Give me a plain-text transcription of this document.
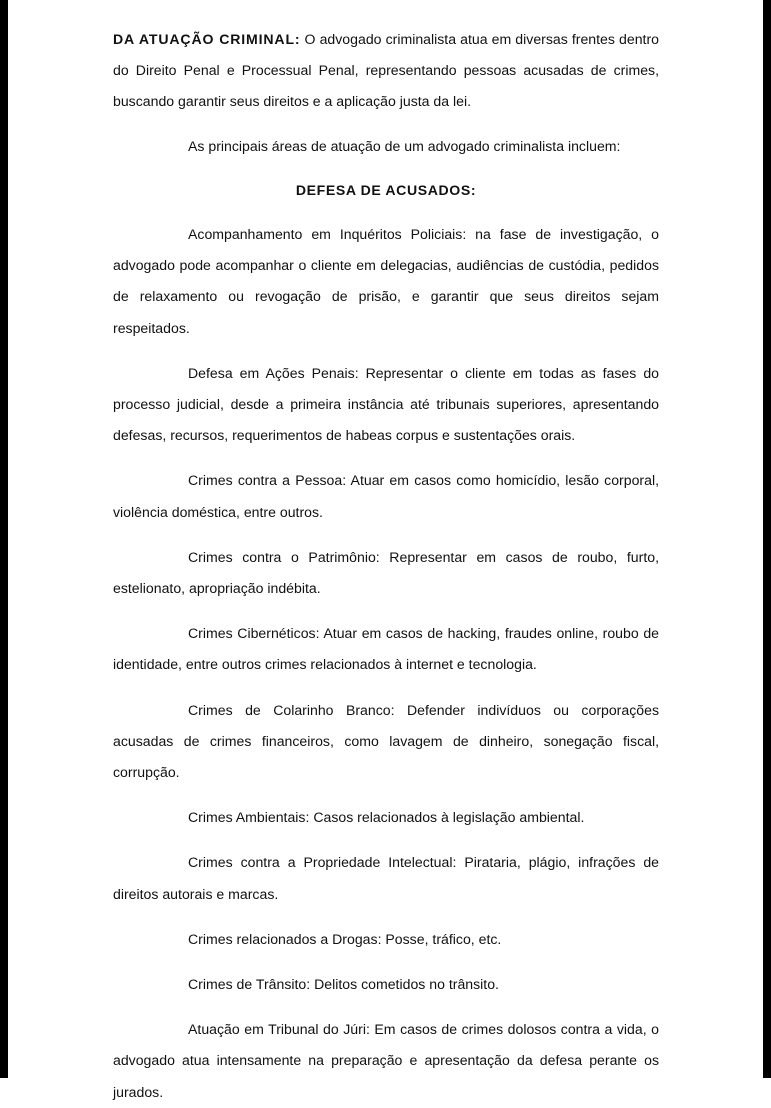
DA ATUAÇÃO CRIMINAL: O advogado criminalista atua em diversas frentes dentro do Direito Penal e Processual Penal, representando pessoas acusadas de crimes, buscando garantir seus direitos e a aplicação justa da lei.

As principais áreas de atuação de um advogado criminalista incluem:

DEFESA DE ACUSADOS:

Acompanhamento em Inquéritos Policiais: na fase de investigação, o advogado pode acompanhar o cliente em delegacias, audiências de custódia, pedidos de relaxamento ou revogação de prisão, e garantir que seus direitos sejam respeitados.

Defesa em Ações Penais: Representar o cliente em todas as fases do processo judicial, desde a primeira instância até tribunais superiores, apresentando defesas, recursos, requerimentos de habeas corpus e sustentações orais.

Crimes contra a Pessoa: Atuar em casos como homicídio, lesão corporal, violência doméstica, entre outros.

Crimes contra o Patrimônio: Representar em casos de roubo, furto, estelionato, apropriação indébita.

Crimes Cibernéticos: Atuar em casos de hacking, fraudes online, roubo de identidade, entre outros crimes relacionados à internet e tecnologia.

Crimes de Colarinho Branco: Defender indivíduos ou corporações acusadas de crimes financeiros, como lavagem de dinheiro, sonegação fiscal, corrupção.

Crimes Ambientais: Casos relacionados à legislação ambiental.

Crimes contra a Propriedade Intelectual: Pirataria, plágio, infrações de direitos autorais e marcas.

Crimes relacionados a Drogas: Posse, tráfico, etc.

Crimes de Trânsito: Delitos cometidos no trânsito.

Atuação em Tribunal do Júri: Em casos de crimes dolosos contra a vida, o advogado atua intensamente na preparação e apresentação da defesa perante os jurados.
